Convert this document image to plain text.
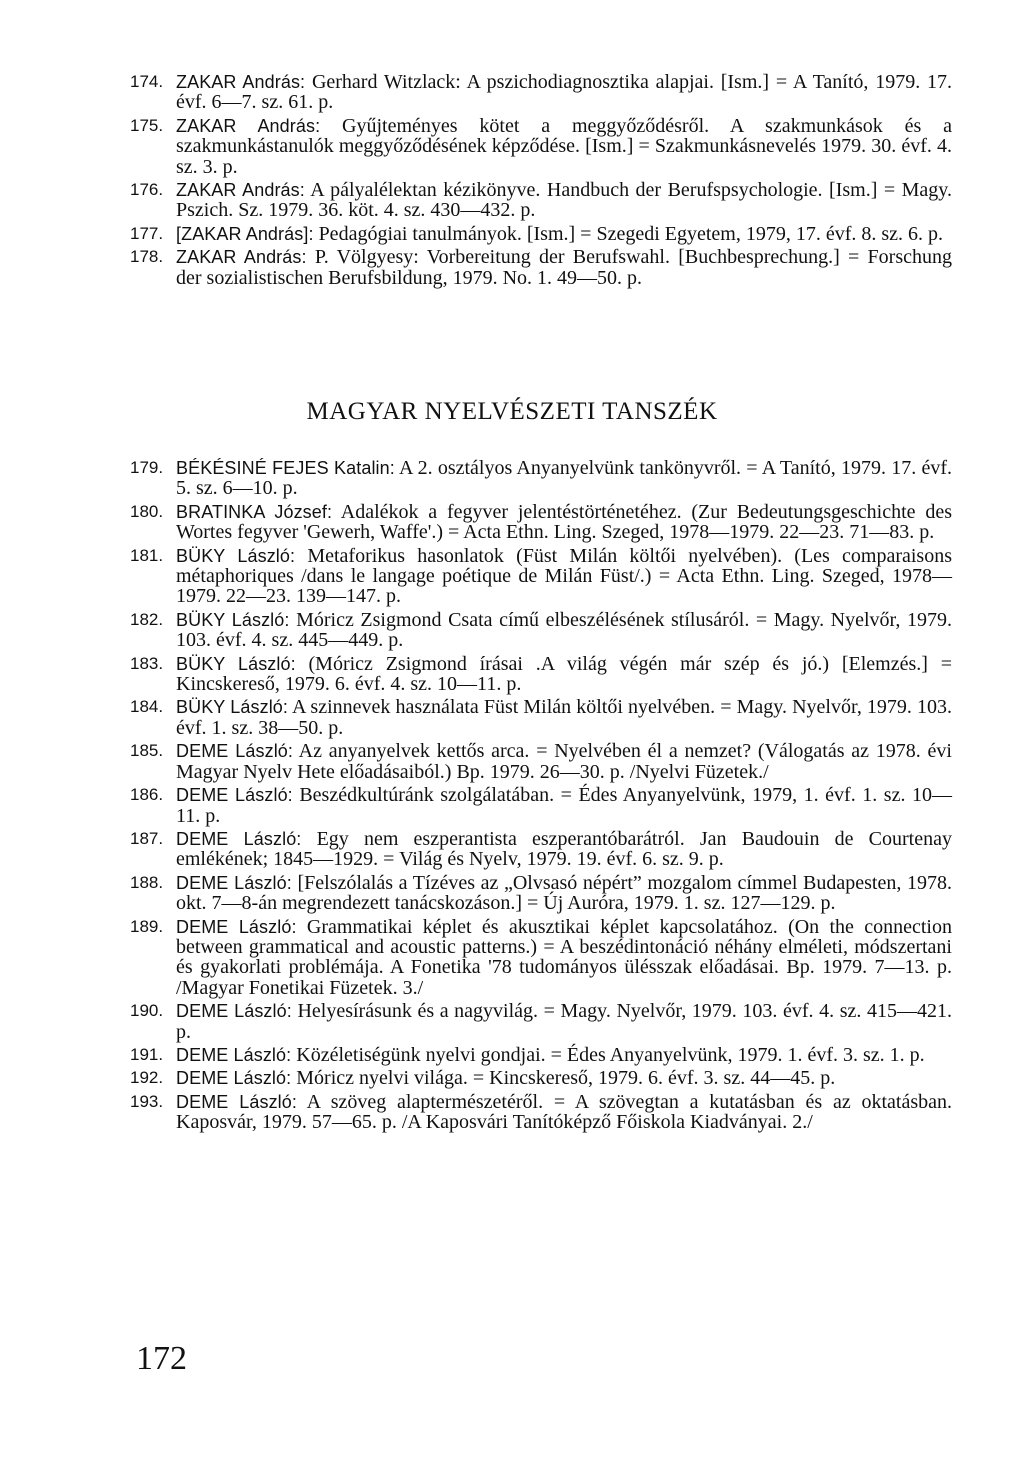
174. ZAKAR András: Gerhard Witzlack: A pszichodiagnosztika alapjai. [Ism.] = A Tanító, 1979. 17. évf. 6—7. sz. 61. p.
175. ZAKAR András: Gyűjteményes kötet a meggyőződésről. A szakmunkások és a szakmunkástanulók meggyőződésének képződése. [Ism.] = Szakmunkásnevelés 1979. 30. évf. 4. sz. 3. p.
176. ZAKAR András: A pályalélektan kézikönyve. Handbuch der Berufspsychologie. [Ism.] = Magy. Pszich. Sz. 1979. 36. köt. 4. sz. 430—432. p.
177. [ZAKAR András]: Pedagógiai tanulmányok. [Ism.] = Szegedi Egyetem, 1979, 17. évf. 8. sz. 6. p.
178. ZAKAR András: P. Völgyesy: Vorbereitung der Berufswahl. [Buchbesprechung.] = Forschung der sozialistischen Berufsbildung, 1979. No. 1. 49—50. p.
MAGYAR NYELVÉSZETI TANSZÉK
179. BÉKÉSINÉ FEJES Katalin: A 2. osztályos Anyanyelvünk tankönyvről. = A Tanító, 1979. 17. évf. 5. sz. 6—10. p.
180. BRATINKA József: Adalékok a fegyver jelentéstörténetéhez. (Zur Bedeutungsgeschichte des Wortes fegyver 'Gewerh, Waffe'.) = Acta Ethn. Ling. Szeged, 1978—1979. 22—23. 71—83. p.
181. BÜKY László: Metaforikus hasonlatok (Füst Milán költői nyelvében). (Les comparaisons métaphoriques /dans le langage poétique de Milán Füst/.) = Acta Ethn. Ling. Szeged, 1978—1979. 22—23. 139—147. p.
182. BÜKY László: Móricz Zsigmond Csata című elbeszélésének stílusáról. = Magy. Nyelvőr, 1979. 103. évf. 4. sz. 445—449. p.
183. BÜKY László: (Móricz Zsigmond írásai .A világ végén már szép és jó.) [Elemzés.] = Kincskereső, 1979. 6. évf. 4. sz. 10—11. p.
184. BÜKY László: A szinnevek használata Füst Milán költői nyelvében. = Magy. Nyelvőr, 1979. 103. évf. 1. sz. 38—50. p.
185. DEME László: Az anyanyelvek kettős arca. = Nyelvében él a nemzet? (Válogatás az 1978. évi Magyar Nyelv Hete előadásaiból.) Bp. 1979. 26—30. p. /Nyelvi Füzetek./
186. DEME László: Beszédkultúránk szolgálatában. = Édes Anyanyelvünk, 1979, 1. évf. 1. sz. 10—11. p.
187. DEME László: Egy nem eszperantista eszperantóbarátról. Jan Baudouin de Courtenay emlékének; 1845—1929. = Világ és Nyelv, 1979. 19. évf. 6. sz. 9. p.
188. DEME László: [Felszólalás a Tízéves az „Olvsasó népért” mozgalom címmel Budapesten, 1978. okt. 7—8-án megrendezett tanácskozáson.] = Új Auróra, 1979. 1. sz. 127—129. p.
189. DEME László: Grammatikai képlet és akusztikai képlet kapcsolatához. (On the connection between grammatical and acoustic patterns.) = A beszédintonáció néhány elméleti, módszertani és gyakorlati problémája. A Fonetika '78 tudományos ülésszak előadásai. Bp. 1979. 7—13. p. /Magyar Fonetikai Füzetek. 3./
190. DEME László: Helyesírásunk és a nagyvilág. = Magy. Nyelvőr, 1979. 103. évf. 4. sz. 415—421. p.
191. DEME László: Közéletiségünk nyelvi gondjai. = Édes Anyanyelvünk, 1979. 1. évf. 3. sz. 1. p.
192. DEME László: Móricz nyelvi világa. = Kincskereső, 1979. 6. évf. 3. sz. 44—45. p.
193. DEME László: A szöveg alaptermészetéről. = A szövegtan a kutatásban és az oktatásban. Kaposvár, 1979. 57—65. p. /A Kaposvári Tanítóképző Főiskola Kiadványai. 2./
172
